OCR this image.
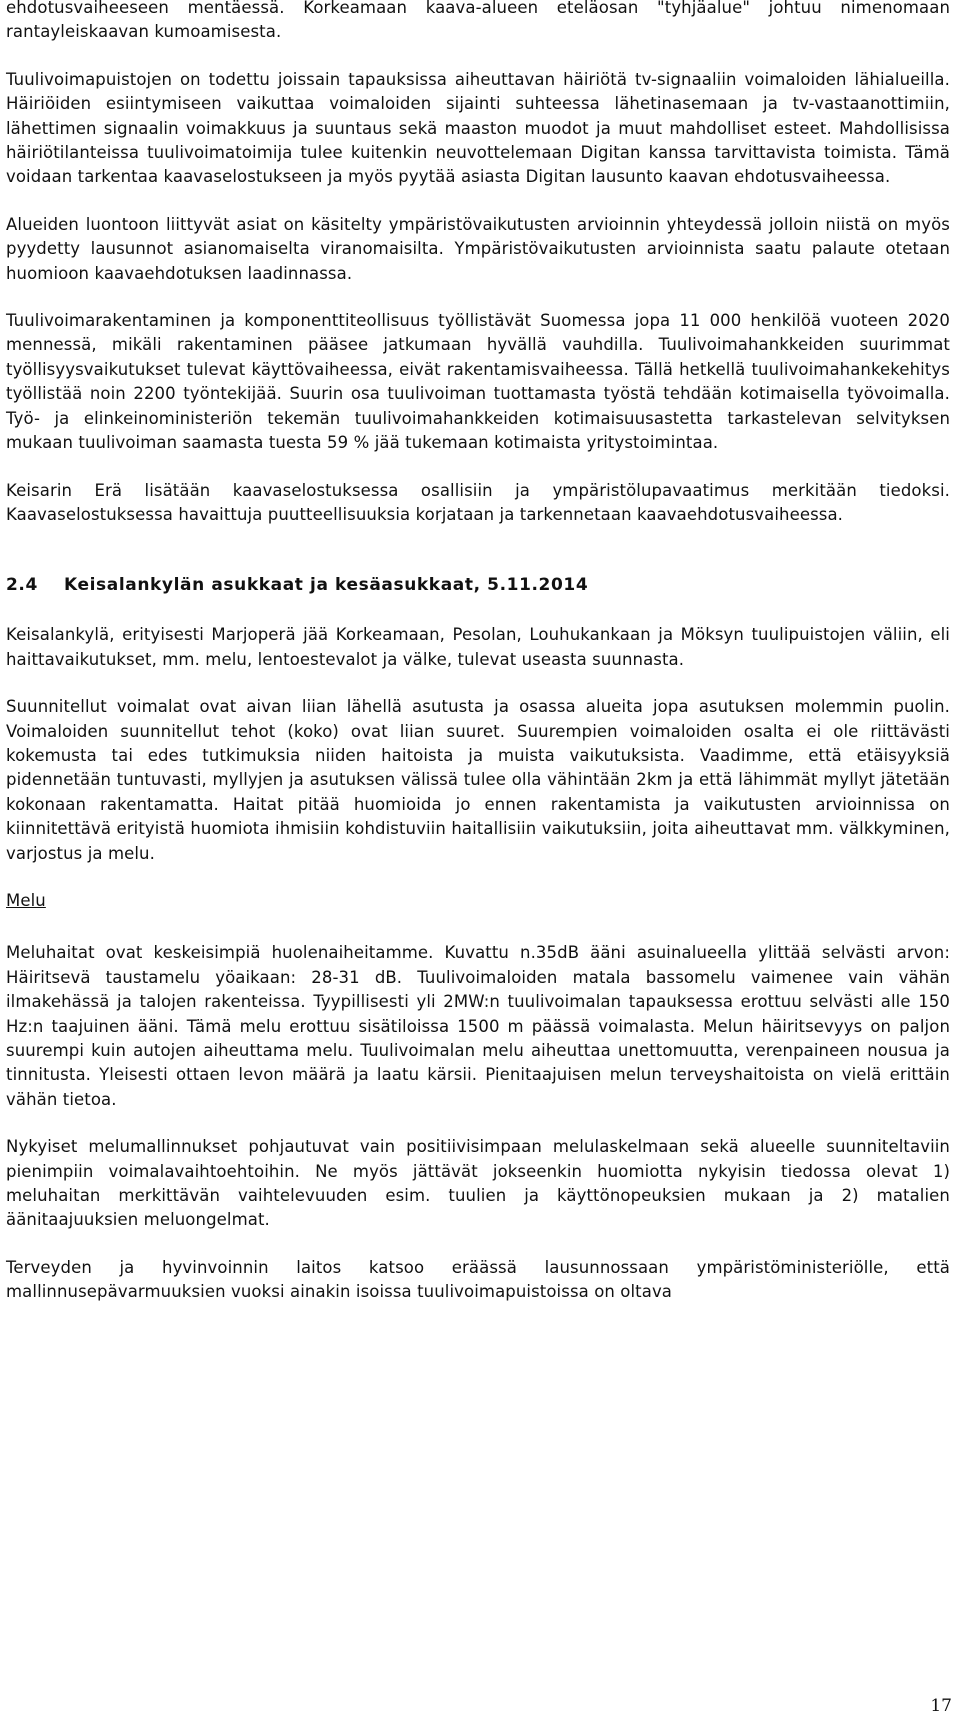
ehdotusvaiheeseen mentäessä. Korkeamaan kaava-alueen eteläosan "tyhjäalue" johtuu nimenomaan rantayleiskaavan kumoamisesta.

Tuulivoimapuistojen on todettu joissain tapauksissa aiheuttavan häiriötä tv-signaaliin voimaloiden lähialueilla. Häiriöiden esiintymiseen vaikuttaa voimaloiden sijainti suhteessa lähetinasemaan ja tv-vastaanottimiin, lähettimen signaalin voimakkuus ja suuntaus sekä maaston muodot ja muut mahdolliset esteet. Mahdollisissa häiriötilanteissa tuulivoimatoimija tulee kuitenkin neuvottelemaan Digitan kanssa tarvittavista toimista. Tämä voidaan tarkentaa kaavaselostukseen ja myös pyytää asiasta Digitan lausunto kaavan ehdotusvaiheessa.

Alueiden luontoon liittyvät asiat on käsitelty ympäristövaikutusten arvioinnin yhteydessä jolloin niistä on myös pyydetty lausunnot asianomaiselta viranomaisilta. Ympäristövaikutusten arvioinnista saatu palaute otetaan huomioon kaavaehdotuksen laadinnassa.

Tuulivoimarakentaminen ja komponenttiteollisuus työllistävät Suomessa jopa 11 000 henkilöä vuoteen 2020 mennessä, mikäli rakentaminen pääsee jatkumaan hyvällä vauhdilla. Tuulivoimahankkeiden suurimmat työllisyysvaikutukset tulevat käyttövaiheessa, eivät rakentamisvaiheessa. Tällä hetkellä tuulivoimahankekehitys työllistää noin 2200 työntekijää. Suurin osa tuulivoiman tuottamasta työstä tehdään kotimaisella työvoimalla. Työ- ja elinkeinoministeriön tekemän tuulivoimahankkeiden kotimaisuusastetta tarkastelevan selvityksen mukaan tuulivoiman saamasta tuesta 59 % jää tukemaan kotimaista yritystoimintaa.

Keisarin Erä lisätään kaavaselostuksessa osallisiin ja ympäristölupavaatimus merkitään tiedoksi. Kaavaselostuksessa havaittuja puutteellisuuksia korjataan ja tarkennetaan kaavaehdotusvaiheessa.

2.4 Keisalankylän asukkaat ja kesäasukkaat, 5.11.2014

Keisalankylä, erityisesti Marjoperä jää Korkeamaan, Pesolan, Louhukankaan ja Möksyn tuulipuistojen väliin, eli haittavaikutukset, mm. melu, lentoestevalot ja välke, tulevat useasta suunnasta.

Suunnitellut voimalat ovat aivan liian lähellä asutusta ja osassa alueita jopa asutuksen molemmin puolin. Voimaloiden suunnitellut tehot (koko) ovat liian suuret. Suurempien voimaloiden osalta ei ole riittävästi kokemusta tai edes tutkimuksia niiden haitoista ja muista vaikutuksista. Vaadimme, että etäisyyksiä pidennetään tuntuvasti, myllyjen ja asutuksen välissä tulee olla vähintään 2km ja että lähimmät myllyt jätetään kokonaan rakentamatta. Haitat pitää huomioida jo ennen rakentamista ja vaikutusten arvioinnissa on kiinnitettävä erityistä huomiota ihmisiin kohdistuviin haitallisiin vaikutuksiin, joita aiheuttavat mm. välkkyminen, varjostus ja melu.

Melu

Meluhaitat ovat keskeisimpiä huolenaiheitamme. Kuvattu n.35dB ääni asuinalueella ylittää selvästi arvon: Häiritsevä taustamelu yöaikaan: 28-31 dB. Tuulivoimaloiden matala bassomelu vaimenee vain vähän ilmakehässä ja talojen rakenteissa. Tyypillisesti yli 2MW:n tuulivoimalan tapauksessa erottuu selvästi alle 150 Hz:n taajuinen ääni. Tämä melu erottuu sisätiloissa 1500 m päässä voimalasta. Melun häiritsevyys on paljon suurempi kuin autojen aiheuttama melu. Tuulivoimalan melu aiheuttaa unettomuutta, verenpaineen nousua ja tinnitusta. Yleisesti ottaen levon määrä ja laatu kärsii. Pienitaajuisen melun terveyshaitoista on vielä erittäin vähän tietoa.

Nykyiset melumallinnukset pohjautuvat vain positiivisimpaan melulaskelmaan sekä alueelle suunniteltaviin pienimpiin voimalavaihtoehtoihin. Ne myös jättävät jokseenkin huomiotta nykyisin tiedossa olevat 1) meluhaitan merkittävän vaihtelevuuden esim. tuulien ja käyttönopeuksien mukaan ja 2) matalien äänitaajuuksien meluongelmat.

Terveyden ja hyvinvoinnin laitos katsoo eräässä lausunnossaan ympäristöministeriölle, että mallinnusepävarmuuksien vuoksi ainakin isoissa tuulivoimapuistoissa on oltava

17
